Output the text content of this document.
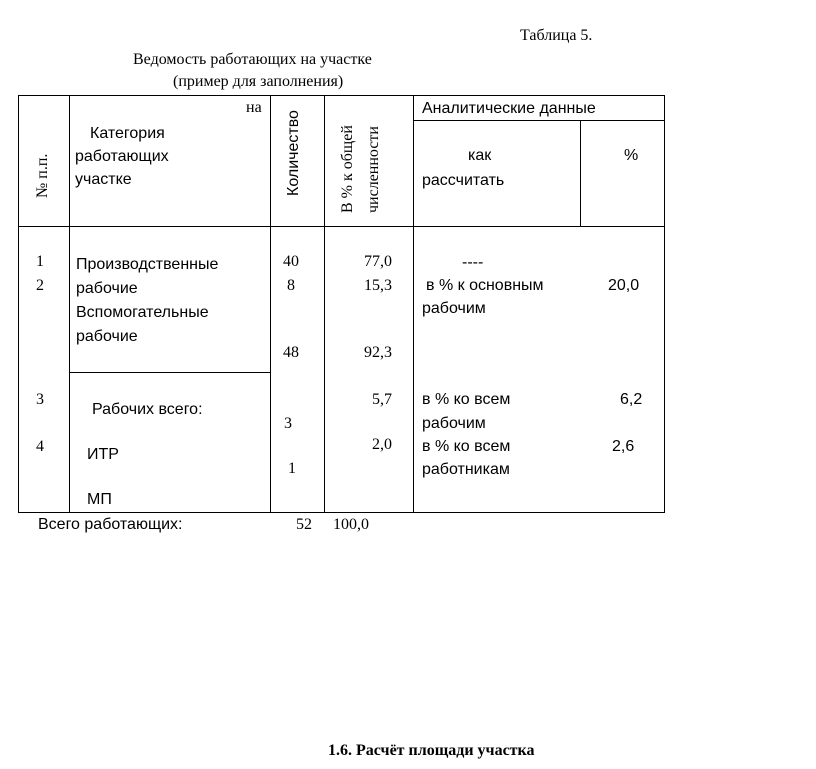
Таблица 5.
Ведомость работающих на участке
(пример для заполнения)
№ п.п.
на
Категория
работающих
участке	Количество В % к общей численности
Аналитические данные
как
рассчитать
%
1
2
3
4
Производственные
рабочие
Вспомогательные
рабочие
Рабочих всего:
ИТР
МП
40
8
48
3
1
77,0
15,3
92,3
5,7
2,0
----
в % к основным
рабочим
в % ко всем
рабочим
в % ко всем
работникам
20,0
6,2
2,6
Всего работающих:	52 100,0
1.6. Расчёт площади участка
